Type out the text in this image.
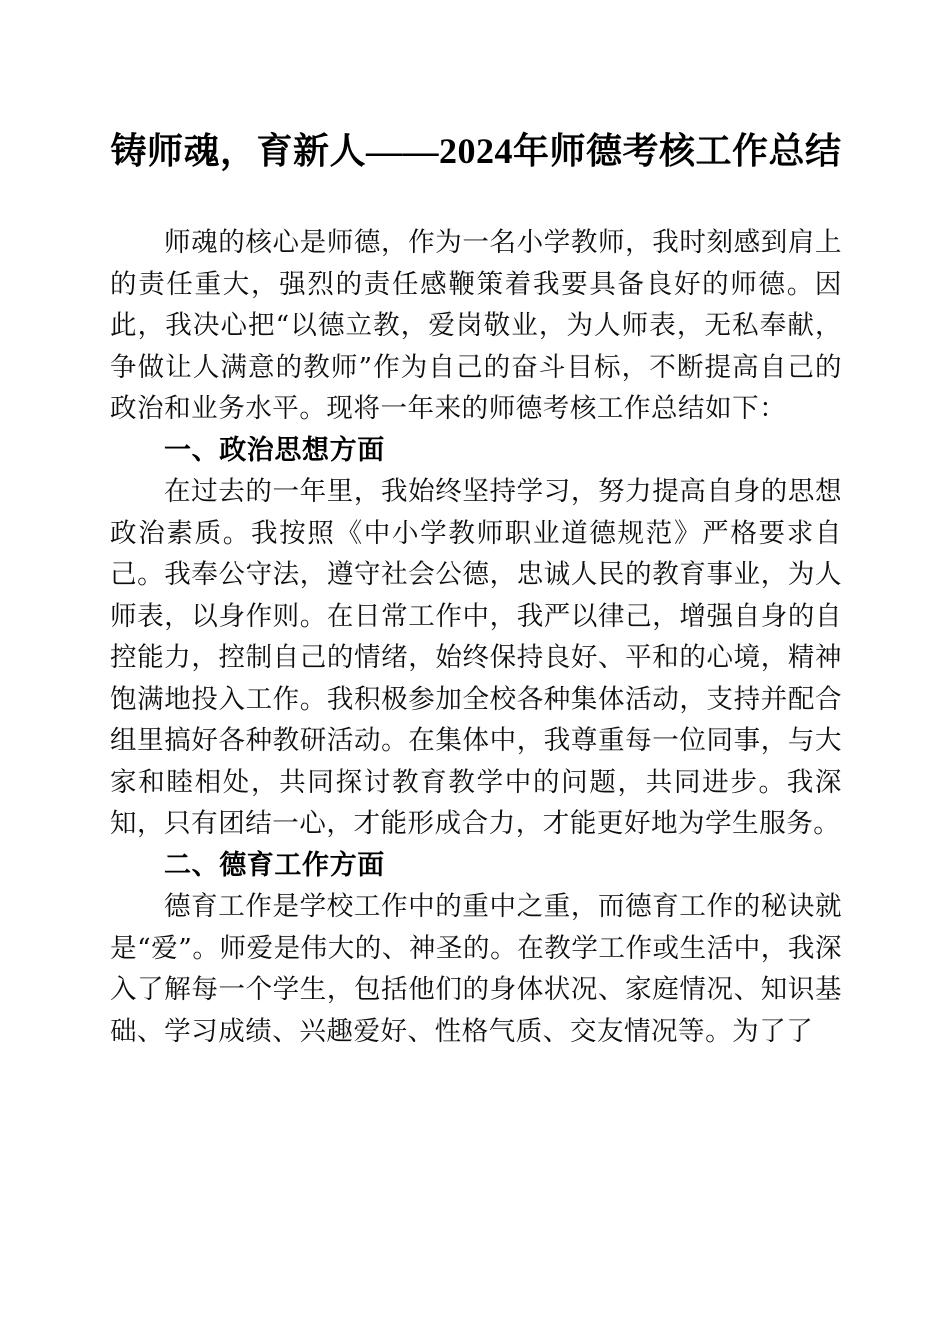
铸师魂，育新人——2024年师德考核工作总结

师魂的核心是师德，作为一名小学教师，我时刻感到肩上的责任重大，强烈的责任感鞭策着我要具备良好的师德。因此，我决心把“以德立教，爱岗敬业，为人师表，无私奉献，争做让人满意的教师”作为自己的奋斗目标，不断提高自己的政治和业务水平。现将一年来的师德考核工作总结如下：

一、政治思想方面

在过去的一年里，我始终坚持学习，努力提高自身的思想政治素质。我按照《中小学教师职业道德规范》严格要求自己。我奉公守法，遵守社会公德，忠诚人民的教育事业，为人师表，以身作则。在日常工作中，我严以律己，增强自身的自控能力，控制自己的情绪，始终保持良好、平和的心境，精神饱满地投入工作。我积极参加全校各种集体活动，支持并配合组里搞好各种教研活动。在集体中，我尊重每一位同事，与大家和睦相处，共同探讨教育教学中的问题，共同进步。我深知，只有团结一心，才能形成合力，才能更好地为学生服务。

二、德育工作方面

德育工作是学校工作中的重中之重，而德育工作的秘诀就是“爱”。师爱是伟大的、神圣的。在教学工作或生活中，我深入了解每一个学生，包括他们的身体状况、家庭情况、知识基础、学习成绩、兴趣爱好、性格气质、交友情况等。为了了
